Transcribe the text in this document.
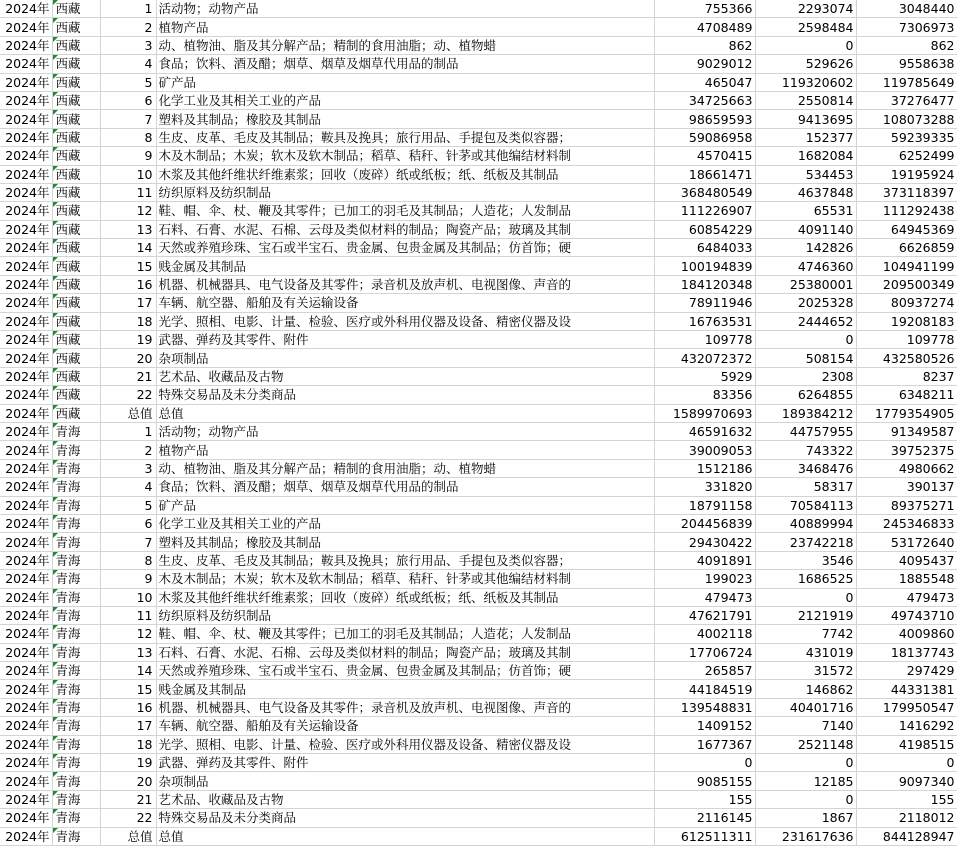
2024年	西藏	1	活动物；动物产品	755366	2293074	3048440
2024年	西藏	2	植物产品	4708489	2598484	7306973
2024年	西藏	3	动、植物油、脂及其分解产品；精制的食用油脂；动、植物蜡	862	0	862
2024年	西藏	4	食品；饮料、酒及醋；烟草、烟草及烟草代用品的制品	9029012	529626	9558638
2024年	西藏	5	矿产品	465047	119320602	119785649
2024年	西藏	6	化学工业及其相关工业的产品	34725663	2550814	37276477
2024年	西藏	7	塑料及其制品；橡胶及其制品	98659593	9413695	108073288
2024年	西藏	8	生皮、皮革、毛皮及其制品；鞍具及挽具；旅行用品、手提包及类似容器；	59086958	152377	59239335
2024年	西藏	9	木及木制品；木炭；软木及软木制品；稻草、秸秆、针茅或其他编结材料制	4570415	1682084	6252499
2024年	西藏	10	木浆及其他纤维状纤维素浆；回收（废碎）纸或纸板；纸、纸板及其制品	18661471	534453	19195924
2024年	西藏	11	纺织原料及纺织制品	368480549	4637848	373118397
2024年	西藏	12	鞋、帽、伞、杖、鞭及其零件；已加工的羽毛及其制品；人造花；人发制品	111226907	65531	111292438
2024年	西藏	13	石料、石膏、水泥、石棉、云母及类似材料的制品；陶瓷产品；玻璃及其制	60854229	4091140	64945369
2024年	西藏	14	天然或养殖珍珠、宝石或半宝石、贵金属、包贵金属及其制品；仿首饰；硬	6484033	142826	6626859
2024年	西藏	15	贱金属及其制品	100194839	4746360	104941199
2024年	西藏	16	机器、机械器具、电气设备及其零件；录音机及放声机、电视图像、声音的	184120348	25380001	209500349
2024年	西藏	17	车辆、航空器、船舶及有关运输设备	78911946	2025328	80937274
2024年	西藏	18	光学、照相、电影、计量、检验、医疗或外科用仪器及设备、精密仪器及设	16763531	2444652	19208183
2024年	西藏	19	武器、弹药及其零件、附件	109778	0	109778
2024年	西藏	20	杂项制品	432072372	508154	432580526
2024年	西藏	21	艺术品、收藏品及古物	5929	2308	8237
2024年	西藏	22	特殊交易品及未分类商品	83356	6264855	6348211
2024年	西藏	总值	总值	1589970693	189384212	1779354905
2024年	青海	1	活动物；动物产品	46591632	44757955	91349587
2024年	青海	2	植物产品	39009053	743322	39752375
2024年	青海	3	动、植物油、脂及其分解产品；精制的食用油脂；动、植物蜡	1512186	3468476	4980662
2024年	青海	4	食品；饮料、酒及醋；烟草、烟草及烟草代用品的制品	331820	58317	390137
2024年	青海	5	矿产品	18791158	70584113	89375271
2024年	青海	6	化学工业及其相关工业的产品	204456839	40889994	245346833
2024年	青海	7	塑料及其制品；橡胶及其制品	29430422	23742218	53172640
2024年	青海	8	生皮、皮革、毛皮及其制品；鞍具及挽具；旅行用品、手提包及类似容器；	4091891	3546	4095437
2024年	青海	9	木及木制品；木炭；软木及软木制品；稻草、秸秆、针茅或其他编结材料制	199023	1686525	1885548
2024年	青海	10	木浆及其他纤维状纤维素浆；回收（废碎）纸或纸板；纸、纸板及其制品	479473	0	479473
2024年	青海	11	纺织原料及纺织制品	47621791	2121919	49743710
2024年	青海	12	鞋、帽、伞、杖、鞭及其零件；已加工的羽毛及其制品；人造花；人发制品	4002118	7742	4009860
2024年	青海	13	石料、石膏、水泥、石棉、云母及类似材料的制品；陶瓷产品；玻璃及其制	17706724	431019	18137743
2024年	青海	14	天然或养殖珍珠、宝石或半宝石、贵金属、包贵金属及其制品；仿首饰；硬	265857	31572	297429
2024年	青海	15	贱金属及其制品	44184519	146862	44331381
2024年	青海	16	机器、机械器具、电气设备及其零件；录音机及放声机、电视图像、声音的	139548831	40401716	179950547
2024年	青海	17	车辆、航空器、船舶及有关运输设备	1409152	7140	1416292
2024年	青海	18	光学、照相、电影、计量、检验、医疗或外科用仪器及设备、精密仪器及设	1677367	2521148	4198515
2024年	青海	19	武器、弹药及其零件、附件	0	0	0
2024年	青海	20	杂项制品	9085155	12185	9097340
2024年	青海	21	艺术品、收藏品及古物	155	0	155
2024年	青海	22	特殊交易品及未分类商品	2116145	1867	2118012
2024年	青海	总值	总值	612511311	231617636	844128947
